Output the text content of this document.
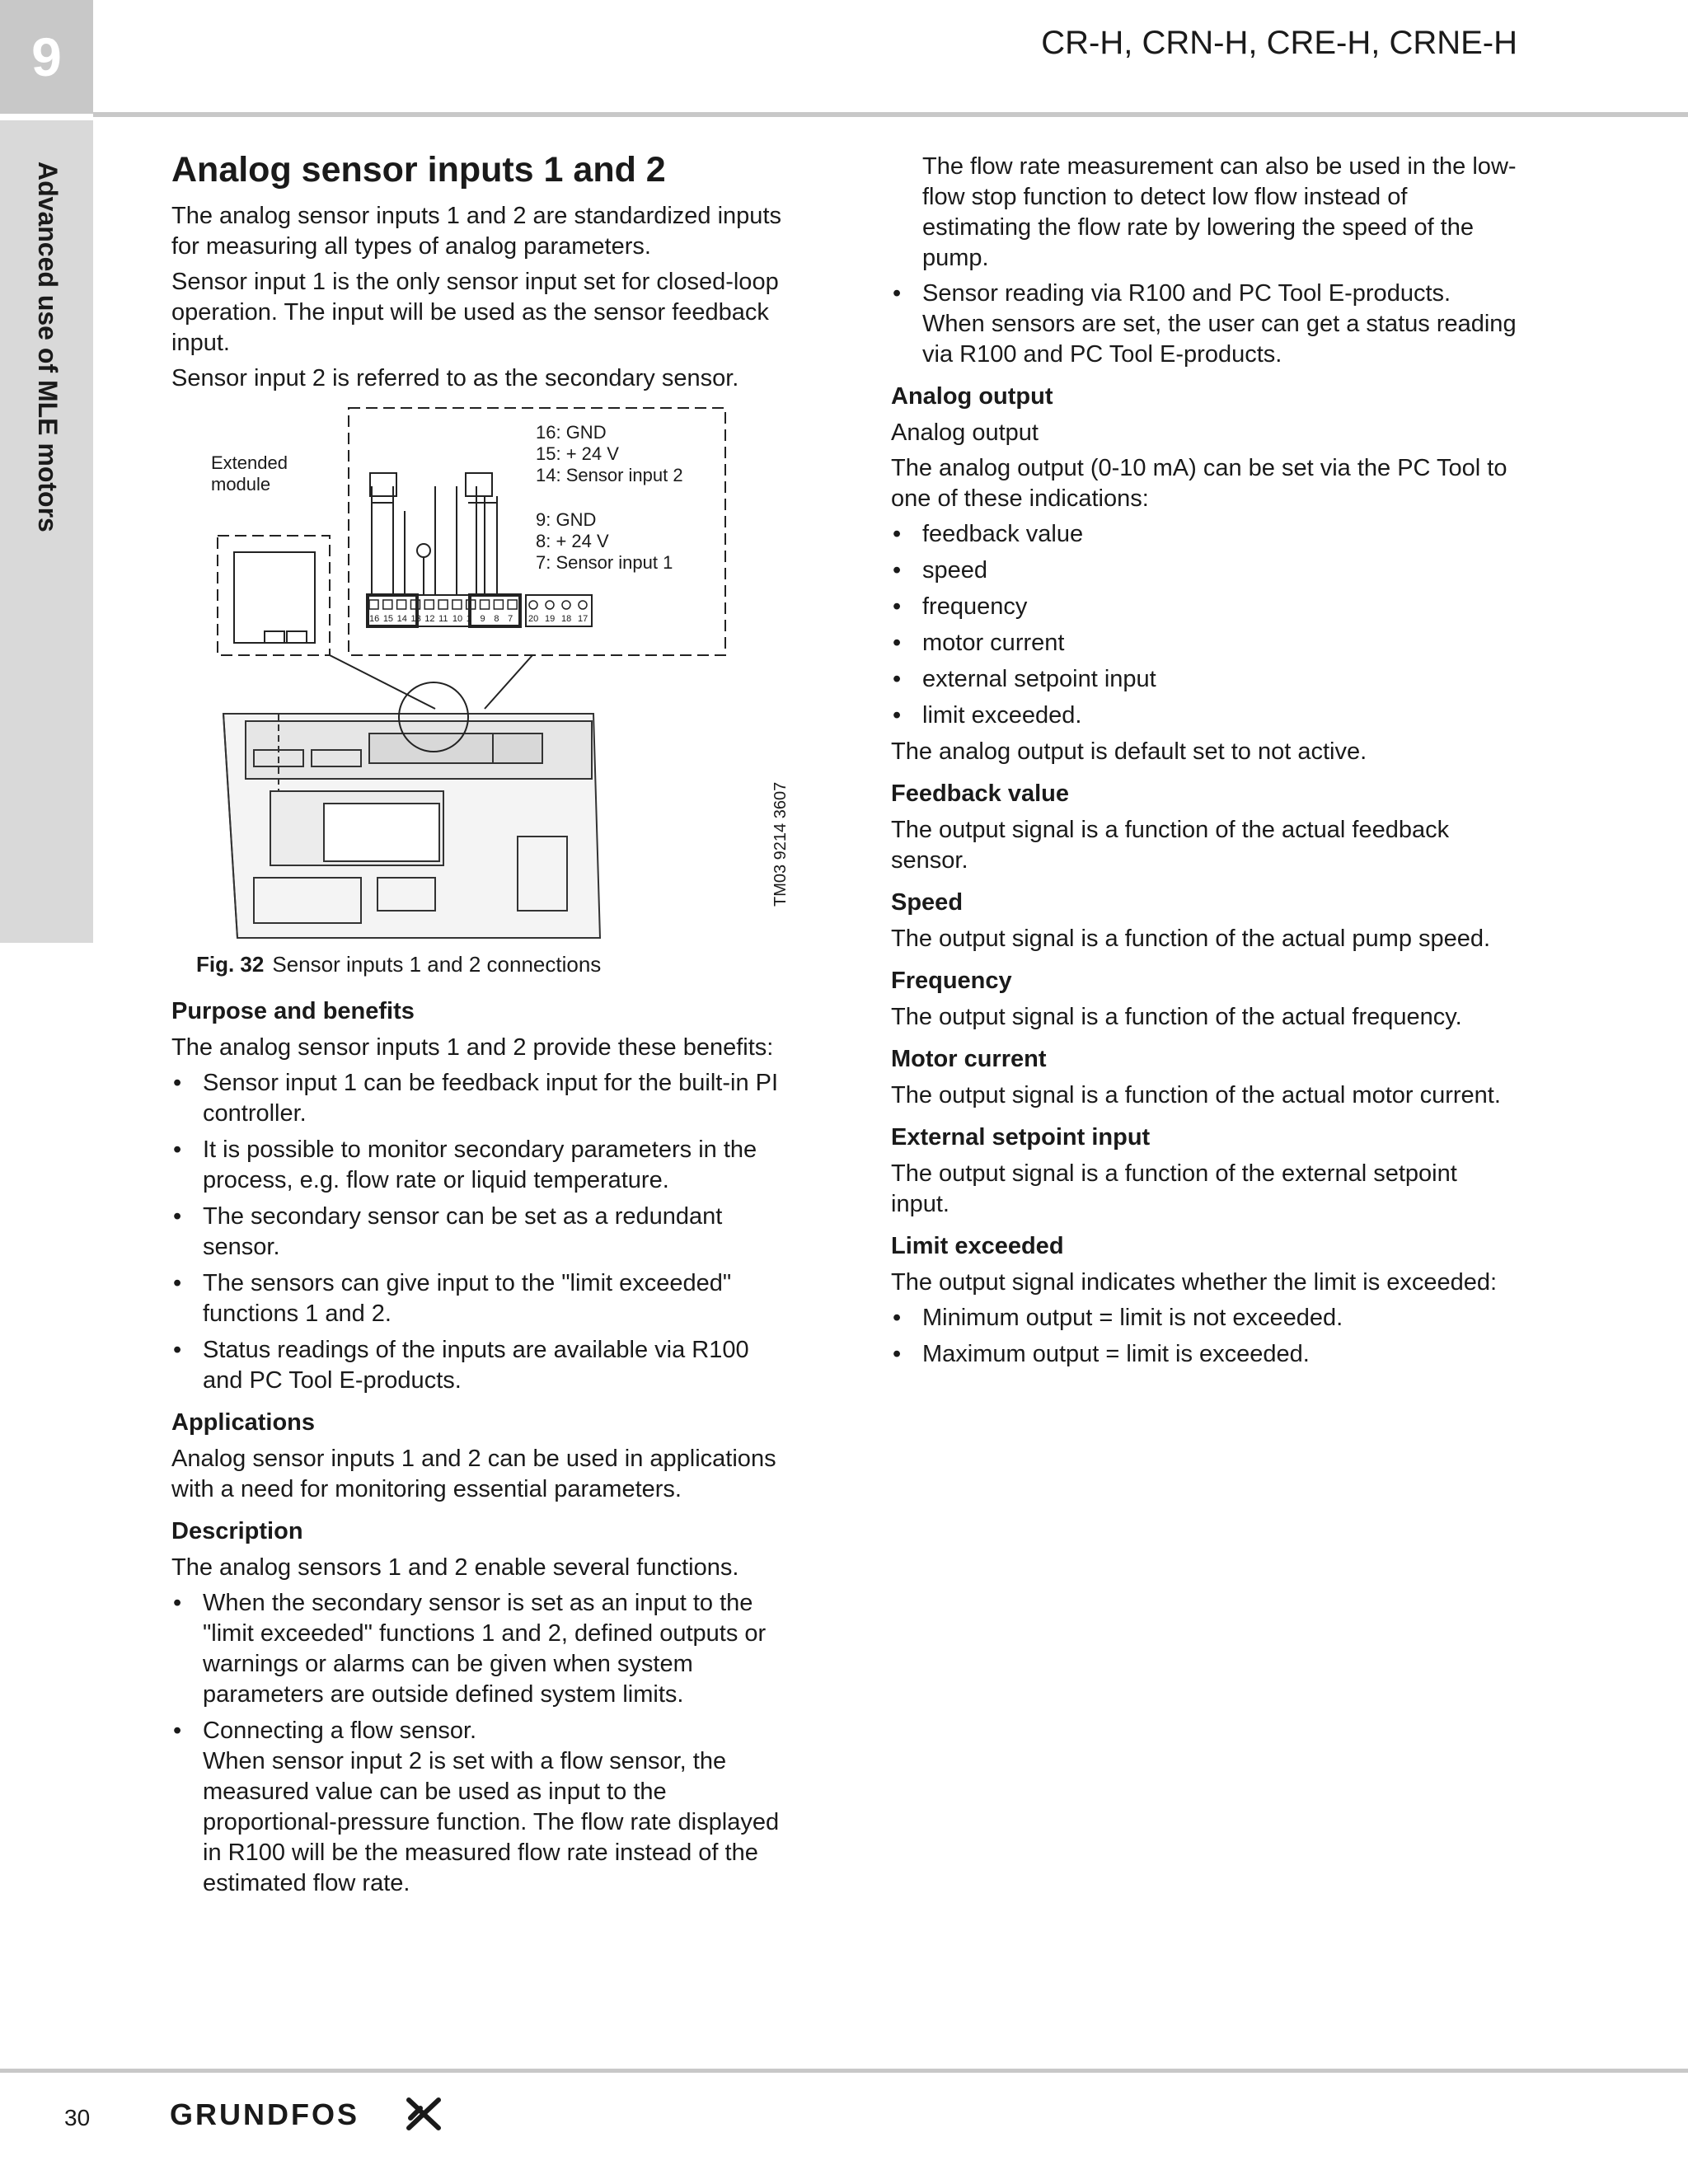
9
Advanced use of MLE motors
CR-H, CRN-H, CRE-H, CRNE-H
Analog sensor inputs 1 and 2

The analog sensor inputs 1 and 2 are standardized inputs for measuring all types of analog parameters.

Sensor input 1 is the only sensor input set for closed-loop operation. The input will be used as the sensor feedback input.

Sensor input 2 is referred to as the secondary sensor.

Extended
module
16: GND
15: + 24 V
14: Sensor input 2
9: GND
8: + 24 V
7: Sensor input 1
16 15 14 13 12 11 10 1 9 8 7 20 19 18 17
TM03 9214 3607
Fig. 32 Sensor inputs 1 and 2 connections
Purpose and benefits

The analog sensor inputs 1 and 2 provide these benefits:

• Sensor input 1 can be feedback input for the built-in PI controller.
• It is possible to monitor secondary parameters in the process, e.g. flow rate or liquid temperature.
• The secondary sensor can be set as a redundant sensor.
• The sensors can give input to the "limit exceeded" functions 1 and 2.
• Status readings of the inputs are available via R100 and PC Tool E-products.
Applications

Analog sensor inputs 1 and 2 can be used in applications with a need for monitoring essential parameters.

Description

The analog sensors 1 and 2 enable several functions.

• When the secondary sensor is set as an input to the "limit exceeded" functions 1 and 2, defined outputs or warnings or alarms can be given when system parameters are outside defined system limits.
• Connecting a flow sensor.
When sensor input 2 is set with a flow sensor, the measured value can be used as input to the proportional-pressure function. The flow rate displayed in R100 will be the measured flow rate instead of the estimated flow rate.

The flow rate measurement can also be used in the low-flow stop function to detect low flow instead of estimating the flow rate by lowering the speed of the pump.

• Sensor reading via R100 and PC Tool E-products. When sensors are set, the user can get a status reading via R100 and PC Tool E-products.
Analog output

Analog output

The analog output (0-10 mA) can be set via the PC Tool to one of these indications:

• feedback value
• speed
• frequency
• motor current
• external setpoint input
• limit exceeded.

The analog output is default set to not active.

Feedback value

The output signal is a function of the actual feedback sensor.

Speed

The output signal is a function of the actual pump speed.

Frequency

The output signal is a function of the actual frequency.

Motor current

The output signal is a function of the actual motor current.

External setpoint input

The output signal is a function of the external setpoint input.

Limit exceeded

The output signal indicates whether the limit is exceeded:

• Minimum output = limit is not exceeded.
• Maximum output = limit is exceeded.
30	GRUNDFOS
